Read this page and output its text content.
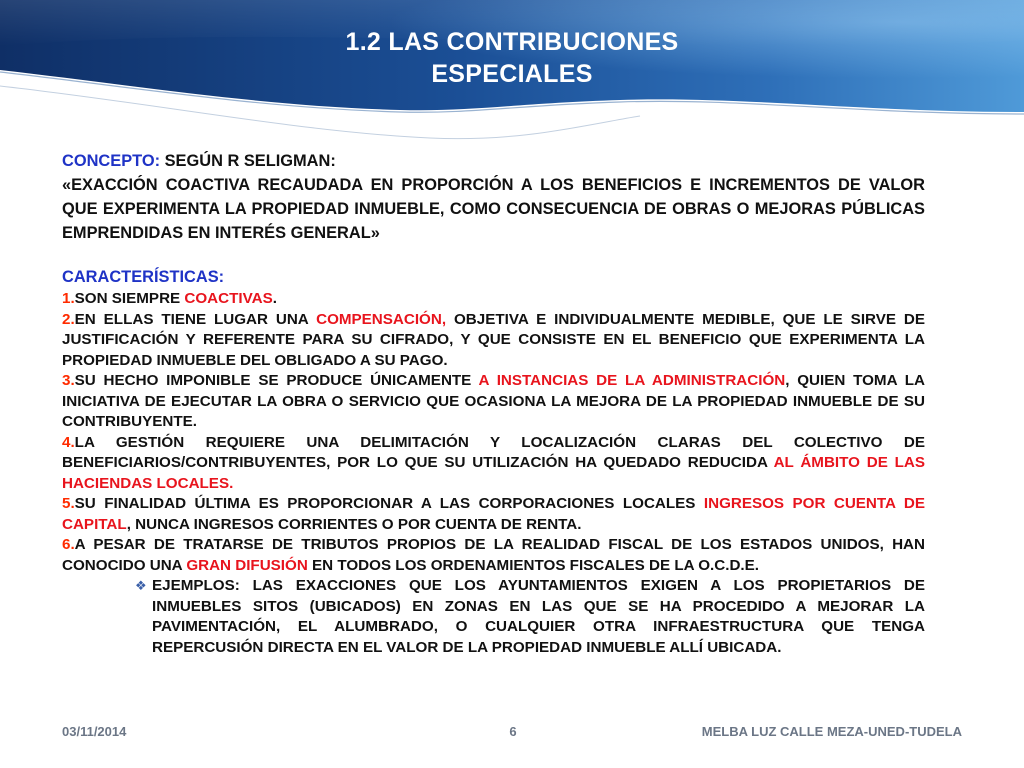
1.2 LAS CONTRIBUCIONES
ESPECIALES
CONCEPTO: SEGÚN R SELIGMAN:
«EXACCIÓN COACTIVA RECAUDADA EN PROPORCIÓN A LOS BENEFICIOS E INCREMENTOS DE VALOR QUE EXPERIMENTA LA PROPIEDAD INMUEBLE, COMO CONSECUENCIA DE OBRAS O MEJORAS PÚBLICAS EMPRENDIDAS EN INTERÉS GENERAL»
CARACTERÍSTICAS:
1.SON SIEMPRE COACTIVAS.
2.EN ELLAS TIENE LUGAR UNA COMPENSACIÓN, OBJETIVA E INDIVIDUALMENTE MEDIBLE, QUE LE SIRVE DE JUSTIFICACIÓN Y REFERENTE PARA SU CIFRADO, Y QUE CONSISTE EN EL BENEFICIO QUE EXPERIMENTA LA PROPIEDAD INMUEBLE DEL OBLIGADO A SU PAGO.
3.SU HECHO IMPONIBLE SE PRODUCE ÚNICAMENTE A INSTANCIAS DE LA ADMINISTRACIÓN, QUIEN TOMA LA INICIATIVA DE EJECUTAR LA OBRA O SERVICIO QUE OCASIONA LA MEJORA DE LA PROPIEDAD INMUEBLE DE SU CONTRIBUYENTE.
4.LA GESTIÓN REQUIERE UNA DELIMITACIÓN Y LOCALIZACIÓN CLARAS DEL COLECTIVO DE BENEFICIARIOS/CONTRIBUYENTES, POR LO QUE SU UTILIZACIÓN HA QUEDADO REDUCIDA AL ÁMBITO DE LAS HACIENDAS LOCALES.
5.SU FINALIDAD ÚLTIMA ES PROPORCIONAR A LAS CORPORACIONES LOCALES INGRESOS POR CUENTA DE CAPITAL, NUNCA INGRESOS CORRIENTES O POR CUENTA DE RENTA.
6.A PESAR DE TRATARSE DE TRIBUTOS PROPIOS DE LA REALIDAD FISCAL DE LOS ESTADOS UNIDOS, HAN CONOCIDO UNA GRAN DIFUSIÓN EN TODOS LOS ORDENAMIENTOS FISCALES DE LA O.C.D.E.
❖ EJEMPLOS: LAS EXACCIONES QUE LOS AYUNTAMIENTOS EXIGEN A LOS PROPIETARIOS DE INMUEBLES SITOS (UBICADOS) EN ZONAS EN LAS QUE SE HA PROCEDIDO A MEJORAR LA PAVIMENTACIÓN, EL ALUMBRADO, O CUALQUIER OTRA INFRAESTRUCTURA QUE TENGA REPERCUSIÓN DIRECTA EN EL VALOR DE LA PROPIEDAD INMUEBLE ALLÍ UBICADA.
03/11/2014	6	MELBA LUZ CALLE MEZA-UNED-TUDELA
